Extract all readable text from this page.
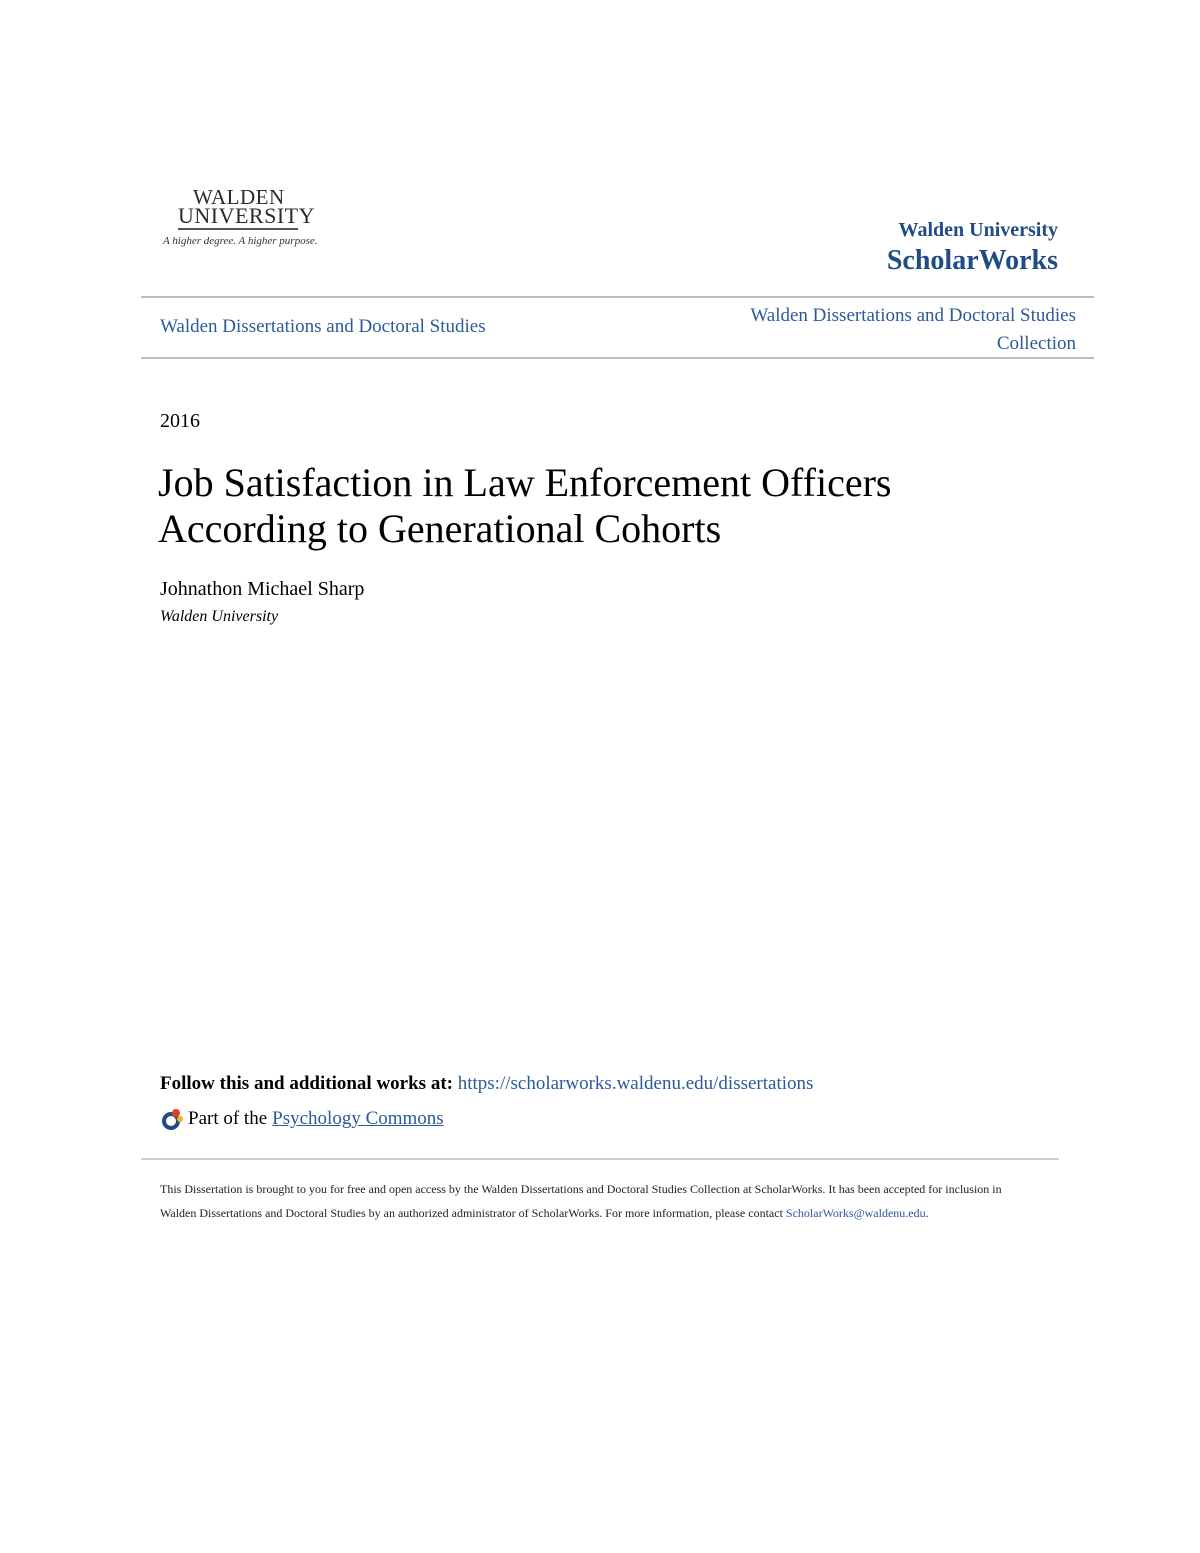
WALDEN
UNIVERSITY
A higher degree. A higher purpose.	Walden University
ScholarWorks
Walden Dissertations and Doctoral Studies
Walden Dissertations and Doctoral Studies
Collection
2016
Job Satisfaction in Law Enforcement Officers According to Generational Cohorts
Johnathon Michael Sharp
Walden University
Follow this and additional works at: https://scholarworks.waldenu.edu/dissertations
Part of the Psychology Commons
This Dissertation is brought to you for free and open access by the Walden Dissertations and Doctoral Studies Collection at ScholarWorks. It has been accepted for inclusion in Walden Dissertations and Doctoral Studies by an authorized administrator of ScholarWorks. For more information, please contact ScholarWorks@waldenu.edu.
